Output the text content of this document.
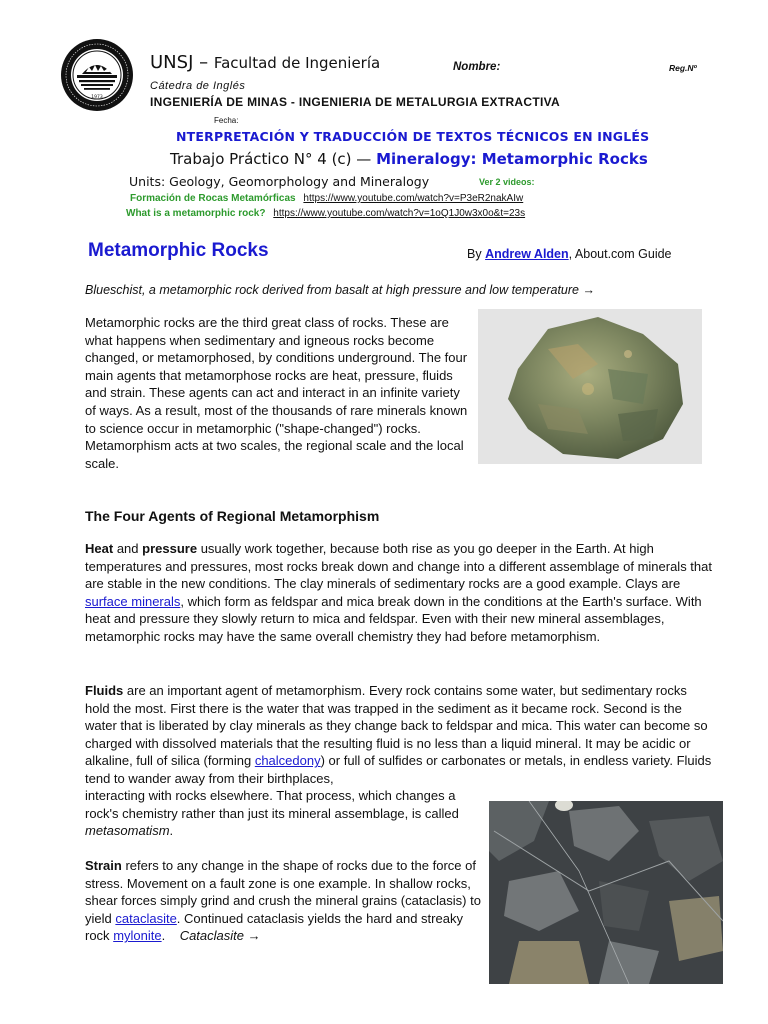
1973
UNSJ – Facultad de Ingeniería	Nombre:	Reg.Nº
Cátedra de Inglés
INGENIERÍA DE MINAS - INGENIERIA DE METALURGIA EXTRACTIVA
Fecha:
NTERPRETACIÓN Y TRADUCCIÓN DE TEXTOS TÉCNICOS EN INGLÉS
Trabajo Práctico N° 4 (c) — Mineralogy: Metamorphic Rocks
Units: Geology, Geomorphology and Mineralogy	Ver 2 videos:
Formación de Rocas Metamórficas https://www.youtube.com/watch?v=P3eR2nakAIw
What is a metamorphic rock? https://www.youtube.com/watch?v=1oQ1J0w3x0o&t=23s
Metamorphic Rocks	By Andrew Alden, About.com Guide
Blueschist, a metamorphic rock derived from basalt at high pressure and low temperature →

Metamorphic rocks are the third great class of rocks. These are what happens when sedimentary and igneous rocks become changed, or metamorphosed, by conditions underground. The four main agents that metamorphose rocks are heat, pressure, fluids and strain. These agents can act and interact in an infinite variety of ways. As a result, most of the thousands of rare minerals known to science occur in metamorphic ("shape-changed") rocks. Metamorphism acts at two scales, the regional scale and the local scale.

The Four Agents of Regional Metamorphism

Heat and pressure usually work together, because both rise as you go deeper in the Earth. At high temperatures and pressures, most rocks break down and change into a different assemblage of minerals that are stable in the new conditions. The clay minerals of sedimentary rocks are a good example. Clays are surface minerals, which form as feldspar and mica break down in the conditions at the Earth's surface. With heat and pressure they slowly return to mica and feldspar. Even with their new mineral assemblages, metamorphic rocks may have the same overall chemistry they had before metamorphism.

Fluids are an important agent of metamorphism. Every rock contains some water, but sedimentary rocks hold the most. First there is the water that was trapped in the sediment as it became rock. Second is the water that is liberated by clay minerals as they change back to feldspar and mica. This water can become so charged with dissolved materials that the resulting fluid is no less than a liquid mineral. It may be acidic or alkaline, full of silica (forming chalcedony) or full of sulfides or carbonates or metals, in endless variety. Fluids tend to wander away from their birthplaces,

interacting with rocks elsewhere. That process, which changes a rock's chemistry rather than just its mineral assemblage, is called metasomatism.

Strain refers to any change in the shape of rocks due to the force of stress. Movement on a fault zone is one example. In shallow rocks, shear forces simply grind and crush the mineral grains (cataclasis) to yield cataclasite. Continued cataclasis yields the hard and streaky rock mylonite. Cataclasite →
